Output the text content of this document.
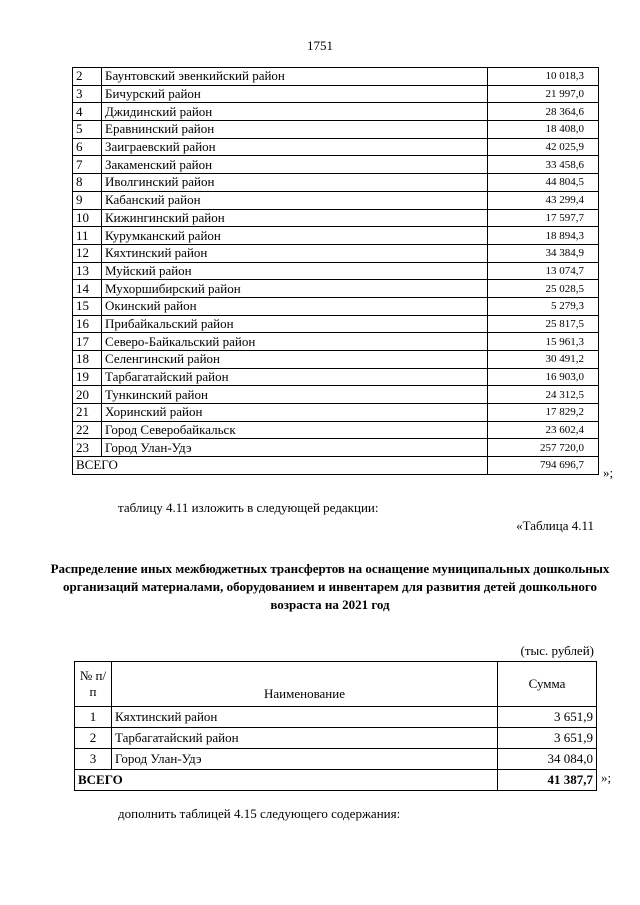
1751
2	Баунтовский эвенкийский район	10 018,3
3	Бичурский район	21 997,0
4	Джидинский район	28 364,6
5	Еравнинский район	18 408,0
6	Заиграевский район	42 025,9
7	Закаменский район	33 458,6
8	Иволгинский район	44 804,5
9	Кабанский район	43 299,4
10	Кижингинский район	17 597,7
11	Курумканский район	18 894,3
12	Кяхтинский район	34 384,9
13	Муйский район	13 074,7
14	Мухоршибирский район	25 028,5
15	Окинский район	5 279,3
16	Прибайкальский район	25 817,5
17	Северо-Байкальский район	15 961,3
18	Селенгинский район	30 491,2
19	Тарбагатайский район	16 903,0
20	Тункинский район	24 312,5
21	Хоринский район	17 829,2
22	Город Северобайкальск	23 602,4
23	Город Улан-Удэ	257 720,0
ВСЕГО		794 696,7 »;
таблицу 4.11 изложить в следующей редакции:
«Таблица 4.11
Распределение иных межбюджетных трансфертов на оснащение муниципальных дошкольных организаций материалами, оборудованием и инвентарем для развития детей дошкольного возраста на 2021 год
(тыс. рублей)
№ п/п	Наименование	Сумма
1	Кяхтинский район	3 651,9
2	Тарбагатайский район	3 651,9
3	Город Улан-Удэ	34 084,0
ВСЕГО		41 387,7 »;
дополнить таблицей 4.15 следующего содержания:
